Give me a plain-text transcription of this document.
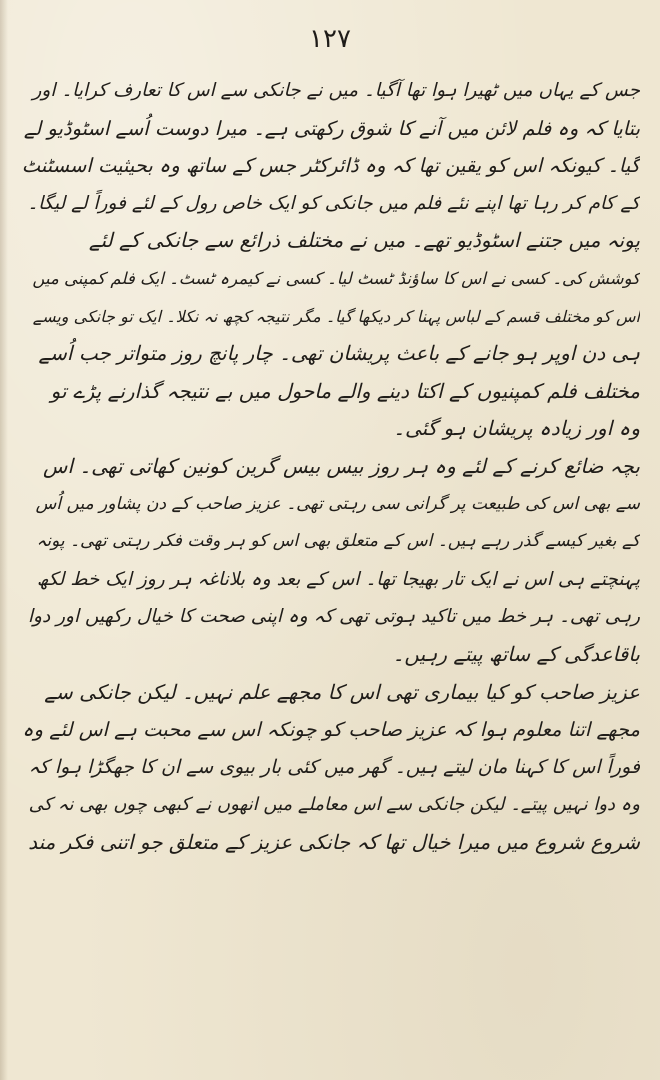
۱۲۷
جس کے یہاں میں ٹھیرا ہوا تھا آگیا۔ میں نے جانکی سے اس کا تعارف کرایا۔ اور
بتایا کہ وہ فلم لائن میں آنے کا شوق رکھتی ہے۔ میرا دوست اُسے اسٹوڈیو لے
گیا۔ کیونکہ اس کو یقین تھا کہ وہ ڈائرکٹر جس کے ساتھ وہ بحیثیت اسسٹنٹ
کے کام کر رہا تھا اپنے نئے فلم میں جانکی کو ایک خاص رول کے لئے فوراً لے لیگا۔
پونہ میں جتنے اسٹوڈیو تھے۔ میں نے مختلف ذرائع سے جانکی کے لئے
کوشش کی۔ کسی نے اس کا ساؤنڈ ٹسٹ لیا۔ کسی نے کیمرہ ٹسٹ۔ ایک فلم کمپنی میں
اس کو مختلف قسم کے لباس پہنا کر دیکھا گیا۔ مگر نتیجہ کچھ نہ نکلا۔ ایک تو جانکی ویسے
ہی دن اوپر ہو جانے کے باعث پریشان تھی۔ چار پانچ روز متواتر جب اُسے
مختلف فلم کمپنیوں کے اکتا دینے والے ماحول میں بے نتیجہ گذارنے پڑے تو
وہ اور زیادہ پریشان ہو گئی۔
بچہ ضائع کرنے کے لئے وہ ہر روز بیس بیس گرین کونین کھاتی تھی۔ اس
سے بھی اس کی طبیعت پر گرانی سی رہتی تھی۔ عزیز صاحب کے دن پشاور میں اُس
کے بغیر کیسے گذر رہے ہیں۔ اس کے متعلق بھی اس کو ہر وقت فکر رہتی تھی۔ پونہ
پہنچتے ہی اس نے ایک تار بھیجا تھا۔ اس کے بعد وہ بلاناغہ ہر روز ایک خط لکھ
رہی تھی۔ ہر خط میں تاکید ہوتی تھی کہ وہ اپنی صحت کا خیال رکھیں اور دوا
باقاعدگی کے ساتھ پیتے رہیں۔
عزیز صاحب کو کیا بیماری تھی اس کا مجھے علم نہیں۔ لیکن جانکی سے
مجھے اتنا معلوم ہوا کہ عزیز صاحب کو چونکہ اس سے محبت ہے اس لئے وہ
فوراً اس کا کہنا مان لیتے ہیں۔ گھر میں کئی بار بیوی سے ان کا جھگڑا ہوا کہ
وہ دوا نہیں پیتے۔ لیکن جانکی سے اس معاملے میں انھوں نے کبھی چوں بھی نہ کی
شروع شروع میں میرا خیال تھا کہ جانکی عزیز کے متعلق جو اتنی فکر مند
